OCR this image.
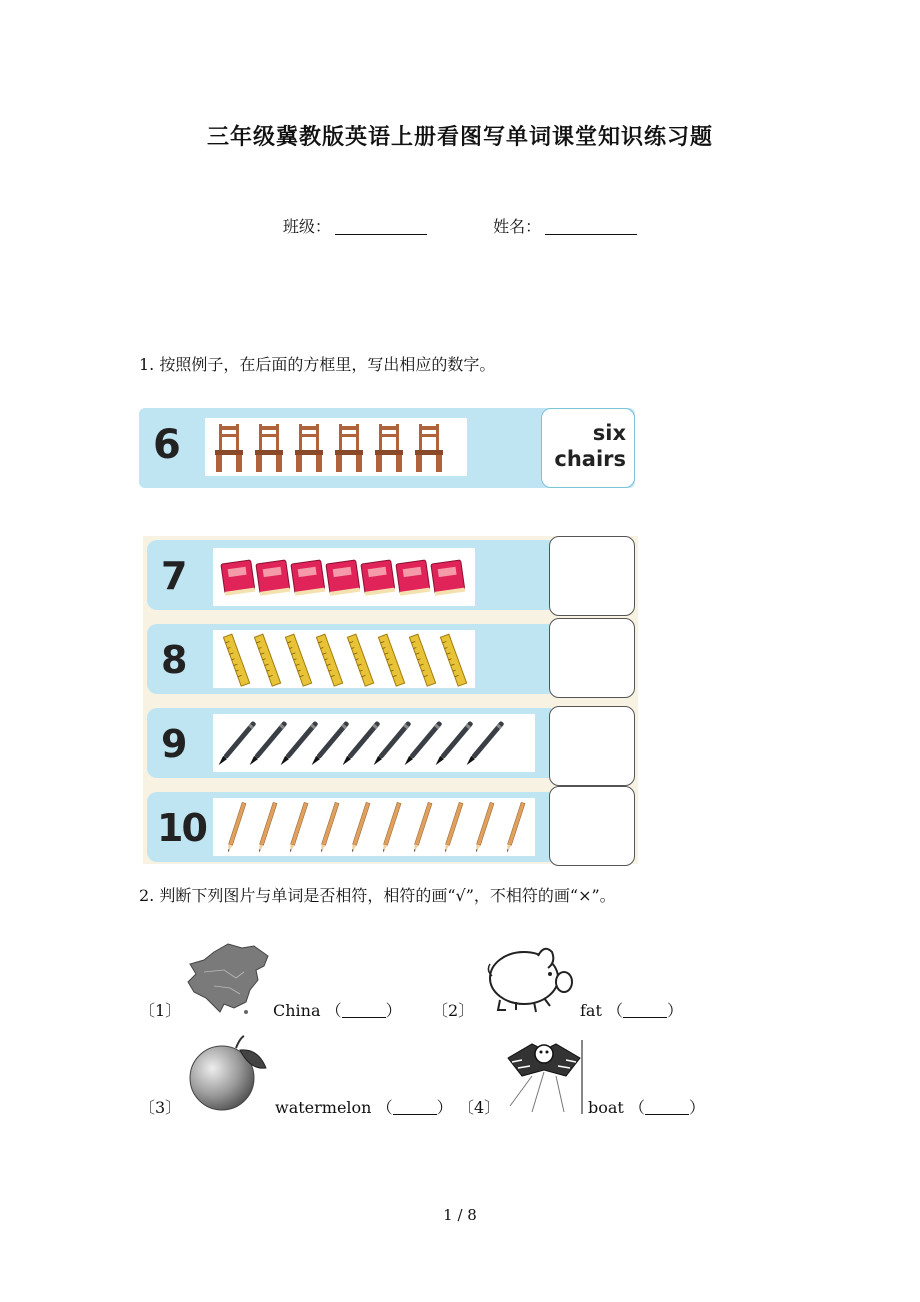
三年级冀教版英语上册看图写单词课堂知识练习题
班级：	姓名：
1. 按照例子，在后面的方框里，写出相应的数字。
6	six
chairs
7
8
9
10
2. 判断下列图片与单词是否相符，相符的画“√”，不相符的画“×”。
〔1〕	China （	） 〔2〕	fat （	）
〔3〕	watermelon （	） 〔4〕	boat （	）
1 / 8
